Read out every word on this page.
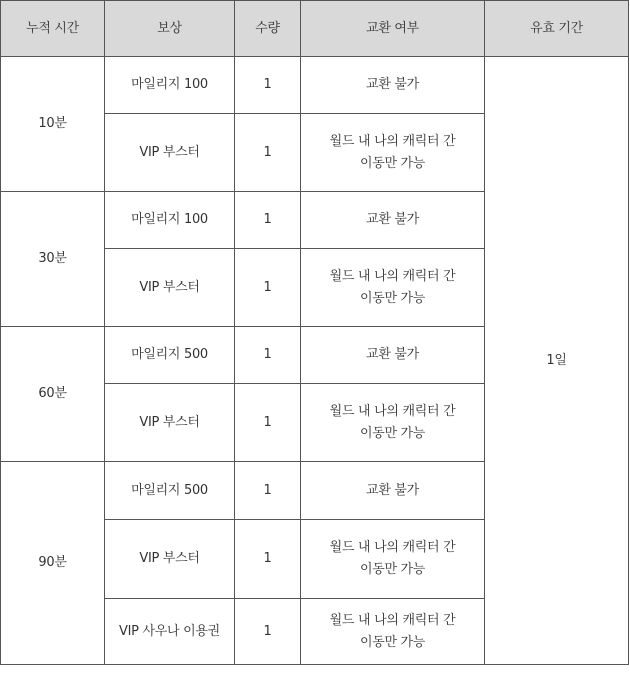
누적 시간	보상	수량	교환 여부	유효 기간
10분	마일리지 100	1	교환 불가	1일
	VIP 부스터	1	월드 내 나의 캐릭터 간
이동만 가능	

30분	마일리지 100	1	교환 불가	

	VIP 부스터	1	월드 내 나의 캐릭터 간
이동만 가능	

60분	마일리지 500	1	교환 불가	

	VIP 부스터	1	월드 내 나의 캐릭터 간
이동만 가능	

90분	마일리지 500	1	교환 불가	

	VIP 부스터	1	월드 내 나의 캐릭터 간
이동만 가능	

	VIP 사우나 이용권	1	월드 내 나의 캐릭터 간
이동만 가능	
